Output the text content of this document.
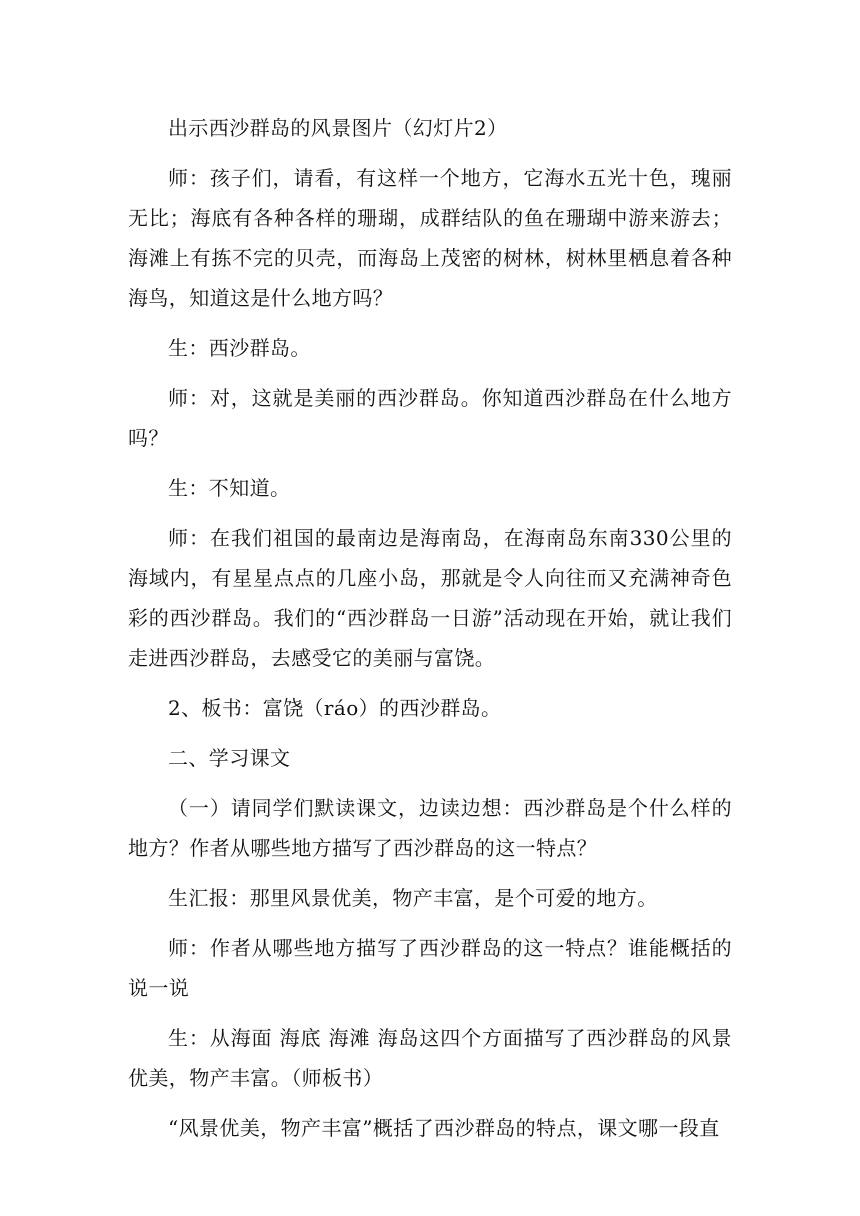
出示西沙群岛的风景图片（幻灯片2）

师：孩子们，请看，有这样一个地方，它海水五光十色，瑰丽无比；海底有各种各样的珊瑚，成群结队的鱼在珊瑚中游来游去；海滩上有拣不完的贝壳，而海岛上茂密的树林，树林里栖息着各种海鸟，知道这是什么地方吗？

生：西沙群岛。

师：对，这就是美丽的西沙群岛。你知道西沙群岛在什么地方吗？

生：不知道。

师：在我们祖国的最南边是海南岛，在海南岛东南330公里的海域内，有星星点点的几座小岛，那就是令人向往而又充满神奇色彩的西沙群岛。我们的“西沙群岛一日游”活动现在开始，就让我们走进西沙群岛，去感受它的美丽与富饶。

2、板书：富饶（ráo）的西沙群岛。

二、学习课文

（一）请同学们默读课文，边读边想：西沙群岛是个什么样的地方？作者从哪些地方描写了西沙群岛的这一特点？

生汇报：那里风景优美，物产丰富，是个可爱的地方。

师：作者从哪些地方描写了西沙群岛的这一特点？谁能概括的说一说

生：从海面 海底 海滩 海岛这四个方面描写了西沙群岛的风景优美，物产丰富。（师板书）

“风景优美，物产丰富”概括了西沙群岛的特点，课文哪一段直
